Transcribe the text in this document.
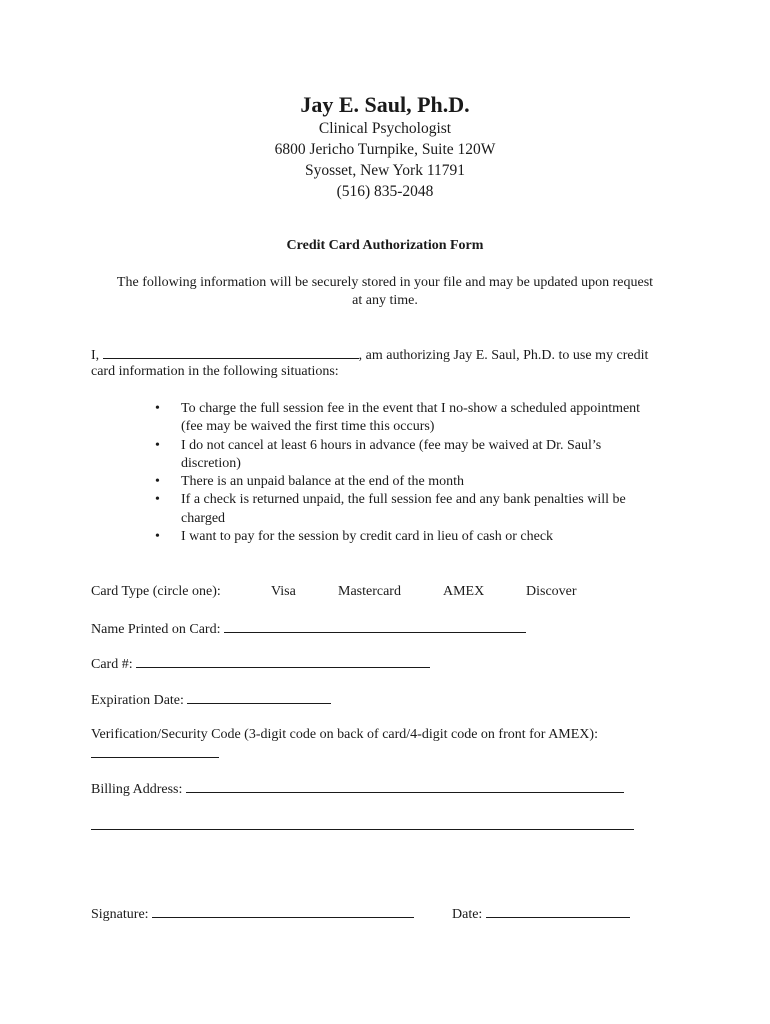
Jay E. Saul, Ph.D.
Clinical Psychologist
6800 Jericho Turnpike, Suite 120W
Syosset, New York 11791
(516) 835-2048
Credit Card Authorization Form
The following information will be securely stored in your file and may be updated upon request
at any time.
I,	, am authorizing Jay E. Saul, Ph.D. to use my credit
card information in the following situations:
• To charge the full session fee in the event that I no-show a scheduled appointment
(fee may be waived the first time this occurs)
• I do not cancel at least 6 hours in advance (fee may be waived at Dr. Saul’s
discretion)
• There is an unpaid balance at the end of the month
• If a check is returned unpaid, the full session fee and any bank penalties will be
charged
• I want to pay for the session by credit card in lieu of cash or check
Card Type (circle one):	Visa	Mastercard	AMEX	Discover
Name Printed on Card:
Card #:
Expiration Date:
Verification/Security Code (3-digit code on back of card/4-digit code on front for AMEX):
Billing Address:
Signature:	Date:
